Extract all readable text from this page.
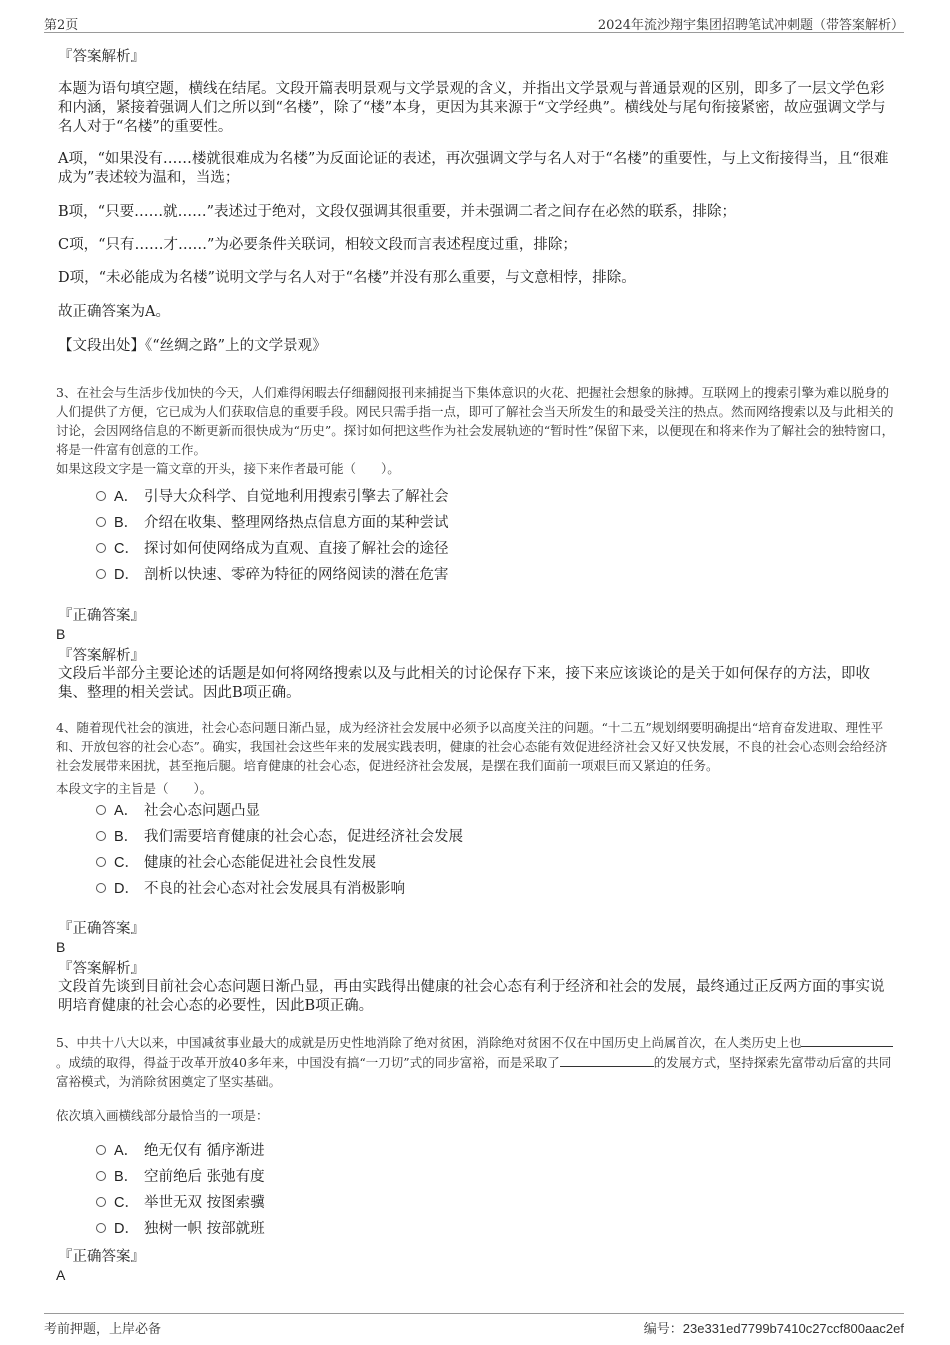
第2页	2024年流沙翔宇集团招聘笔试冲刺题（带答案解析）
『答案解析』

本题为语句填空题，横线在结尾。文段开篇表明景观与文学景观的含义，并指出文学景观与普通景观的区别，即多了一层文学色彩和内涵，紧接着强调人们之所以到“名楼”，除了“楼”本身，更因为其来源于“文学经典”。横线处与尾句衔接紧密，故应强调文学与名人对于“名楼”的重要性。

A项，“如果没有……楼就很难成为名楼”为反面论证的表述，再次强调文学与名人对于“名楼”的重要性，与上文衔接得当，且“很难成为”表述较为温和，当选；

B项，“只要……就……”表述过于绝对，文段仅强调其很重要，并未强调二者之间存在必然的联系，排除；

C项，“只有……才……”为必要条件关联词，相较文段而言表述程度过重，排除；

D项，“未必能成为名楼”说明文学与名人对于“名楼”并没有那么重要，与文意相悖，排除。

故正确答案为A。

【文段出处】《“丝绸之路”上的文学景观》

3、在社会与生活步伐加快的今天，人们难得闲暇去仔细翻阅报刊来捕捉当下集体意识的火花、把握社会想象的脉搏。互联网上的搜索引擎为难以脱身的人们提供了方便，它已成为人们获取信息的重要手段。网民只需手指一点，即可了解社会当天所发生的和最受关注的热点。然而网络搜索以及与此相关的讨论，会因网络信息的不断更新而很快成为“历史”。探讨如何把这些作为社会发展轨迹的“暂时性”保留下来，以便现在和将来作为了解社会的独特窗口，将是一件富有创意的工作。

如果这段文字是一篇文章的开头，接下来作者最可能（　　）。

A． 引导大众科学、自觉地利用搜索引擎去了解社会
B． 介绍在收集、整理网络热点信息方面的某种尝试
C． 探讨如何使网络成为直观、直接了解社会的途径
D． 剖析以快速、零碎为特征的网络阅读的潜在危害
『正确答案』
B
『答案解析』

文段后半部分主要论述的话题是如何将网络搜索以及与此相关的讨论保存下来，接下来应该谈论的是关于如何保存的方法，即收集、整理的相关尝试。因此B项正确。

4、随着现代社会的演进，社会心态问题日渐凸显，成为经济社会发展中必须予以高度关注的问题。“十二五”规划纲要明确提出“培育奋发进取、理性平和、开放包容的社会心态”。确实，我国社会这些年来的发展实践表明，健康的社会心态能有效促进经济社会又好又快发展，不良的社会心态则会给经济社会发展带来困扰，甚至拖后腿。培育健康的社会心态，促进经济社会发展，是摆在我们面前一项艰巨而又紧迫的任务。

本段文字的主旨是（　　）。

A． 社会心态问题凸显
B． 我们需要培育健康的社会心态，促进经济社会发展
C． 健康的社会心态能促进社会良性发展
D． 不良的社会心态对社会发展具有消极影响
『正确答案』
B
『答案解析』

文段首先谈到目前社会心态问题日渐凸显，再由实践得出健康的社会心态有利于经济和社会的发展，最终通过正反两方面的事实说明培育健康的社会心态的必要性，因此B项正确。

5、中共十八大以来，中国减贫事业最大的成就是历史性地消除了绝对贫困，消除绝对贫困不仅在中国历史上尚属首次，在人类历史上也。成绩的取得，得益于改革开放40多年来，中国没有搞“一刀切”式的同步富裕，而是采取了	的发展方式，坚持探索先富带动后富的共同富裕模式，为消除贫困奠定了坚实基础。

依次填入画横线部分最恰当的一项是：

A． 绝无仅有 循序渐进
B． 空前绝后 张弛有度
C． 举世无双 按图索骥
D． 独树一帜 按部就班
『正确答案』
A
考前押题，上岸必备	编号：23e331ed7799b7410c27ccf800aac2ef
